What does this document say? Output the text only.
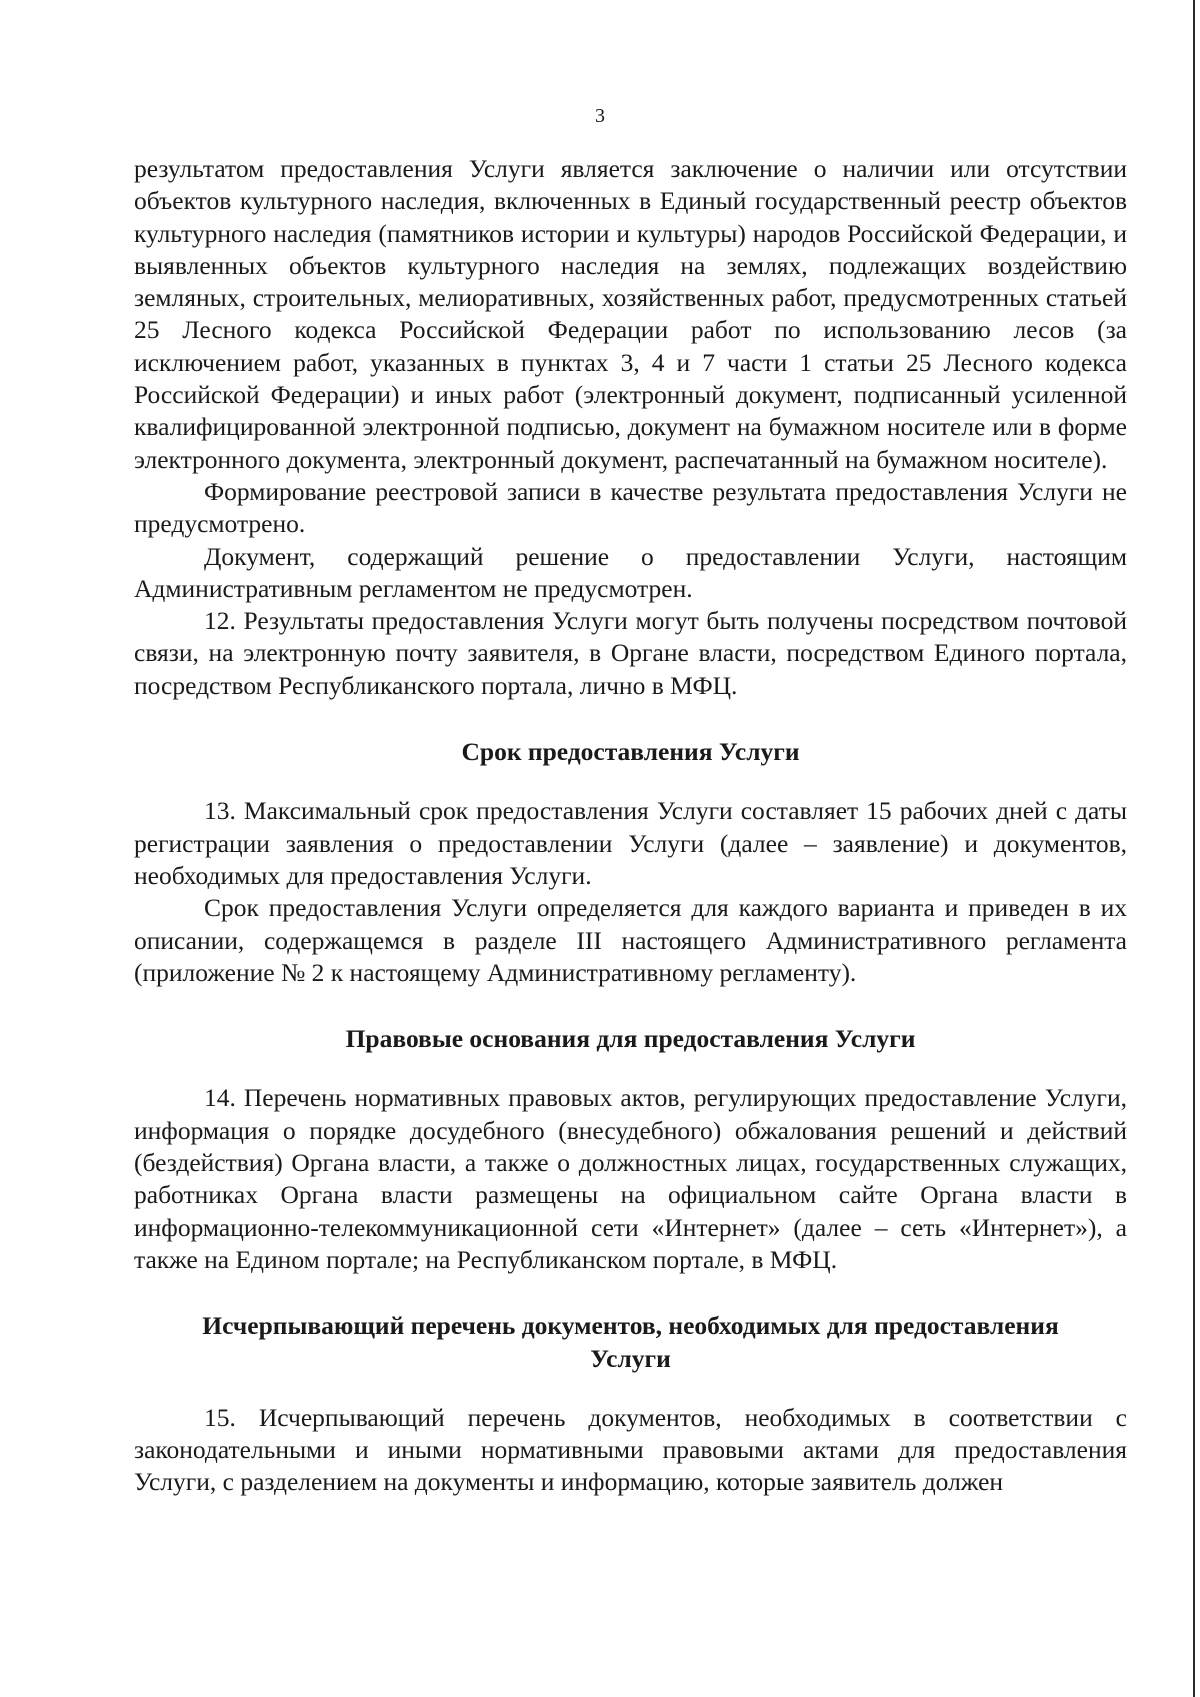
3

результатом предоставления Услуги является заключение о наличии или отсутствии объектов культурного наследия, включенных в Единый государственный реестр объектов культурного наследия (памятников истории и культуры) народов Российской Федерации, и выявленных объектов культурного наследия на землях, подлежащих воздействию земляных, строительных, мелиоративных, хозяйственных работ, предусмотренных статьей 25 Лесного кодекса Российской Федерации работ по использованию лесов (за исключением работ, указанных в пунктах 3, 4 и 7 части 1 статьи 25 Лесного кодекса Российской Федерации) и иных работ (электронный документ, подписанный усиленной квалифицированной электронной подписью, документ на бумажном носителе или в форме электронного документа, электронный документ, распечатанный на бумажном носителе).

Формирование реестровой записи в качестве результата предоставления Услуги не предусмотрено.

Документ, содержащий решение о предоставлении Услуги, настоящим Административным регламентом не предусмотрен.

12. Результаты предоставления Услуги могут быть получены посредством почтовой связи, на электронную почту заявителя, в Органе власти, посредством Единого портала, посредством Республиканского портала, лично в МФЦ.

Срок предоставления Услуги

13. Максимальный срок предоставления Услуги составляет 15 рабочих дней с даты регистрации заявления о предоставлении Услуги (далее – заявление) и документов, необходимых для предоставления Услуги.

Срок предоставления Услуги определяется для каждого варианта и приведен в их описании, содержащемся в разделе III настоящего Административного регламента (приложение № 2 к настоящему Административному регламенту).

Правовые основания для предоставления Услуги

14. Перечень нормативных правовых актов, регулирующих предоставление Услуги, информация о порядке досудебного (внесудебного) обжалования решений и действий (бездействия) Органа власти, а также о должностных лицах, государственных служащих, работниках Органа власти размещены на официальном сайте Органа власти в информационно-телекоммуникационной сети «Интернет» (далее – сеть «Интернет»), а также на Едином портале; на Республиканском портале, в МФЦ.

Исчерпывающий перечень документов, необходимых для предоставления
Услуги

15. Исчерпывающий перечень документов, необходимых в соответствии с законодательными и иными нормативными правовыми актами для предоставления Услуги, с разделением на документы и информацию, которые заявитель должен
